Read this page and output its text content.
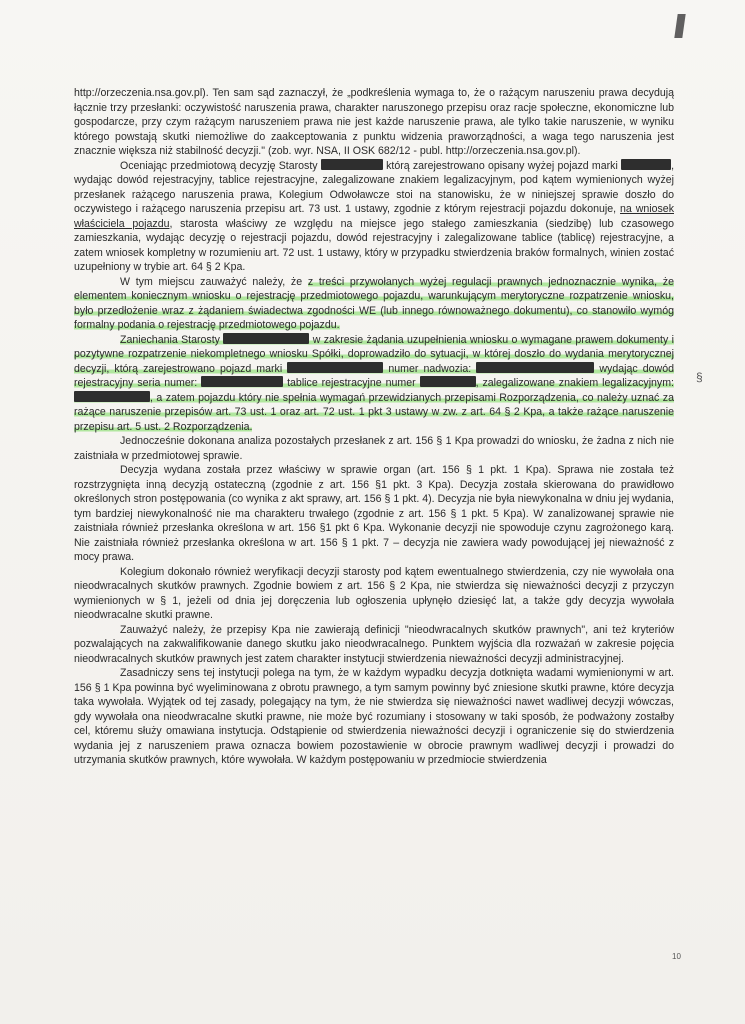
http://orzeczenia.nsa.gov.pl). Ten sam sąd zaznaczył, że „podkreślenia wymaga to, że o rażącym naruszeniu prawa decydują łącznie trzy przesłanki: oczywistość naruszenia prawa, charakter naruszonego przepisu oraz racje społeczne, ekonomiczne lub gospodarcze, przy czym rażącym naruszeniem prawa nie jest każde naruszenie prawa, ale tylko takie naruszenie, w wyniku którego powstają skutki niemożliwe do zaakceptowania z punktu widzenia praworządności, a waga tego naruszenia jest znacznie większa niż stabilność decyzji." (zob. wyr. NSA, II OSK 682/12 - publ. http://orzeczenia.nsa.gov.pl).

Oceniając przedmiotową decyzję Starosty	którą zarejestrowano opisany wyżej pojazd marki	, wydając dowód rejestracyjny, tablice rejestracyjne, zalegalizowane znakiem legalizacyjnym, pod kątem wymienionych wyżej przesłanek rażącego naruszenia prawa, Kolegium Odwoławcze stoi na stanowisku, że w niniejszej sprawie doszło do oczywistego i rażącego naruszenia przepisu art. 73 ust. 1 ustawy, zgodnie z którym rejestracji pojazdu dokonuje, na wniosek właściciela pojazdu, starosta właściwy ze względu na miejsce jego stałego zamieszkania (siedzibę) lub czasowego zamieszkania, wydając decyzję o rejestracji pojazdu, dowód rejestracyjny i zalegalizowane tablice (tablicę) rejestracyjne, a zatem wniosek kompletny w rozumieniu art. 72 ust. 1 ustawy, który w przypadku stwierdzenia braków formalnych, winien zostać uzupełniony w trybie art. 64 § 2 Kpa.

W tym miejscu zauważyć należy, że z treści przywołanych wyżej regulacji prawnych jednoznacznie wynika, że elementem koniecznym wniosku o rejestrację przedmiotowego pojazdu, warunkującym merytoryczne rozpatrzenie wniosku, było przedłożenie wraz z żądaniem świadectwa zgodności WE (lub innego równoważnego dokumentu), co stanowiło wymóg formalny podania o rejestrację przedmiotowego pojazdu.

Zaniechania Starosty	w zakresie żądania uzupełnienia wniosku o wymagane prawem dokumenty i pozytywne rozpatrzenie niekompletnego wniosku Spółki, doprowadziło do sytuacji, w której doszło do wydania merytorycznej decyzji, którą zarejestrowano pojazd marki	numer nadwozia:	wydając dowód rejestracyjny seria numer:	tablice rejestracyjne numer	, zalegalizowane znakiem legalizacyjnym: , a zatem pojazdu który nie spełnia wymagań przewidzianych przepisami Rozporządzenia, co należy uznać za rażące naruszenie przepisów art. 73 ust. 1 oraz art. 72 ust. 1 pkt 3 ustawy w zw. z art. 64 § 2 Kpa, a także rażące naruszenie przepisu art. 5 ust. 2 Rozporządzenia.

Jednocześnie dokonana analiza pozostałych przesłanek z art. 156 § 1 Kpa prowadzi do wniosku, że żadna z nich nie zaistniała w przedmiotowej sprawie.

Decyzja wydana została przez właściwy w sprawie organ (art. 156 § 1 pkt. 1 Kpa). Sprawa nie została też rozstrzygnięta inną decyzją ostateczną (zgodnie z art. 156 §1 pkt. 3 Kpa). Decyzja została skierowana do prawidłowo określonych stron postępowania (co wynika z akt sprawy, art. 156 § 1 pkt. 4). Decyzja nie była niewykonalna w dniu jej wydania, tym bardziej niewykonalność nie ma charakteru trwałego (zgodnie z art. 156 § 1 pkt. 5 Kpa). W zanalizowanej sprawie nie zaistniała również przesłanka określona w art. 156 §1 pkt 6 Kpa. Wykonanie decyzji nie spowoduje czynu zagrożonego karą. Nie zaistniała również przesłanka określona w art. 156 § 1 pkt. 7 – decyzja nie zawiera wady powodującej jej nieważność z mocy prawa.

Kolegium dokonało również weryfikacji decyzji starosty pod kątem ewentualnego stwierdzenia, czy nie wywołała ona nieodwracalnych skutków prawnych. Zgodnie bowiem z art. 156 § 2 Kpa, nie stwierdza się nieważności decyzji z przyczyn wymienionych w § 1, jeżeli od dnia jej doręczenia lub ogłoszenia upłynęło dziesięć lat, a także gdy decyzja wywołała nieodwracalne skutki prawne.

Zauważyć należy, że przepisy Kpa nie zawierają definicji "nieodwracalnych skutków prawnych", ani też kryteriów pozwalających na zakwalifikowanie danego skutku jako nieodwracalnego. Punktem wyjścia dla rozważań w zakresie pojęcia nieodwracalnych skutków prawnych jest zatem charakter instytucji stwierdzenia nieważności decyzji administracyjnej.

Zasadniczy sens tej instytucji polega na tym, że w każdym wypadku decyzja dotknięta wadami wymienionymi w art. 156 § 1 Kpa powinna być wyeliminowana z obrotu prawnego, a tym samym powinny być zniesione skutki prawne, które decyzja taka wywołała. Wyjątek od tej zasady, polegający na tym, że nie stwierdza się nieważności nawet wadliwej decyzji wówczas, gdy wywołała ona nieodwracalne skutki prawne, nie może być rozumiany i stosowany w taki sposób, że podważony zostałby cel, któremu służy omawiana instytucja. Odstąpienie od stwierdzenia nieważności decyzji i ograniczenie się do stwierdzenia wydania jej z naruszeniem prawa oznacza bowiem pozostawienie w obrocie prawnym wadliwej decyzji i prowadzi do utrzymania skutków prawnych, które wywołała. W każdym postępowaniu w przedmiocie stwierdzenia

§
10
